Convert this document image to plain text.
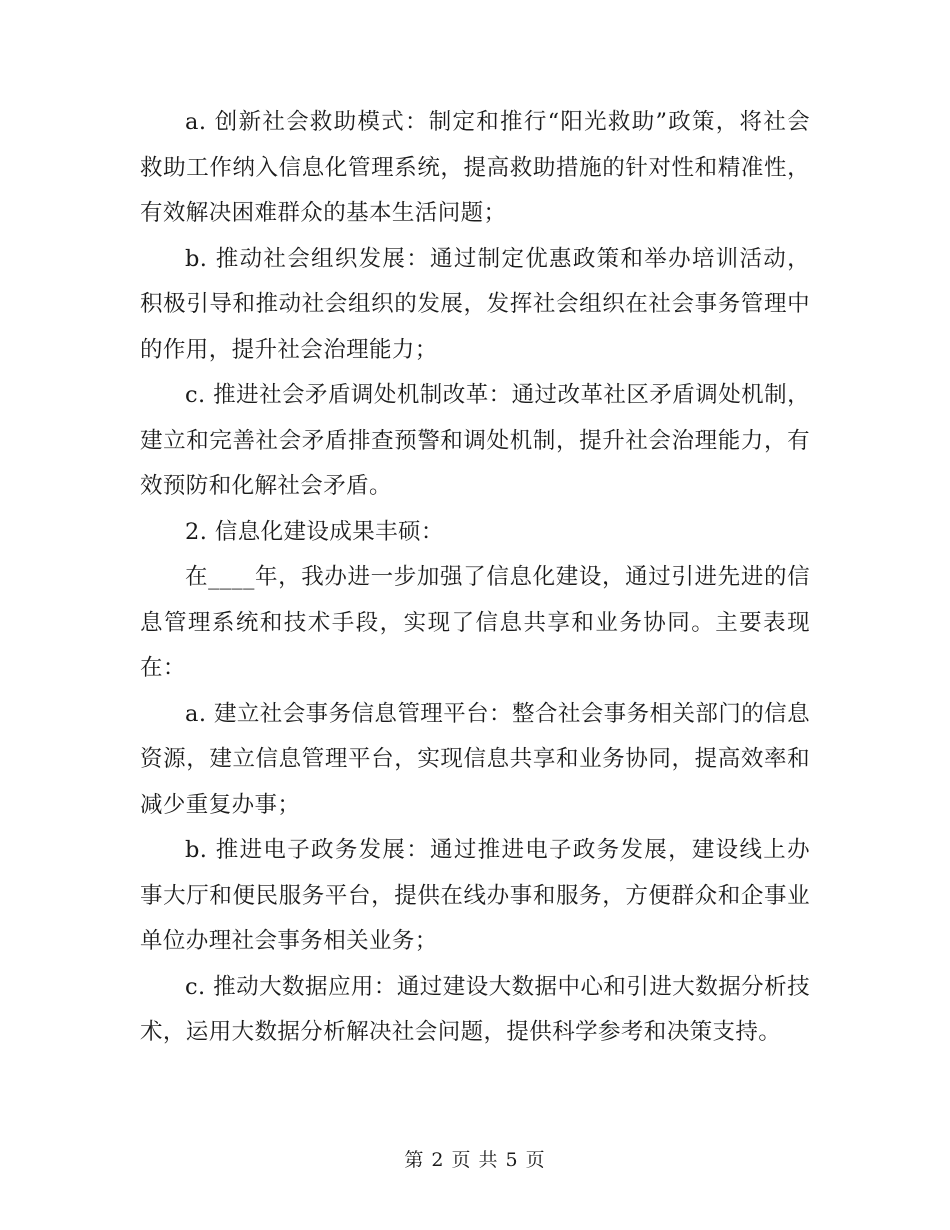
a. 创新社会救助模式：制定和推行“阳光救助”政策，将社会救助工作纳入信息化管理系统，提高救助措施的针对性和精准性，有效解决困难群众的基本生活问题；

b. 推动社会组织发展：通过制定优惠政策和举办培训活动，积极引导和推动社会组织的发展，发挥社会组织在社会事务管理中的作用，提升社会治理能力；

c. 推进社会矛盾调处机制改革：通过改革社区矛盾调处机制，建立和完善社会矛盾排查预警和调处机制，提升社会治理能力，有效预防和化解社会矛盾。

2. 信息化建设成果丰硕：

在____年，我办进一步加强了信息化建设，通过引进先进的信息管理系统和技术手段，实现了信息共享和业务协同。主要表现在：

a. 建立社会事务信息管理平台：整合社会事务相关部门的信息资源，建立信息管理平台，实现信息共享和业务协同，提高效率和减少重复办事；

b. 推进电子政务发展：通过推进电子政务发展，建设线上办事大厅和便民服务平台，提供在线办事和服务，方便群众和企事业单位办理社会事务相关业务；

c. 推动大数据应用：通过建设大数据中心和引进大数据分析技术，运用大数据分析解决社会问题，提供科学参考和决策支持。

第 2 页 共 5 页
